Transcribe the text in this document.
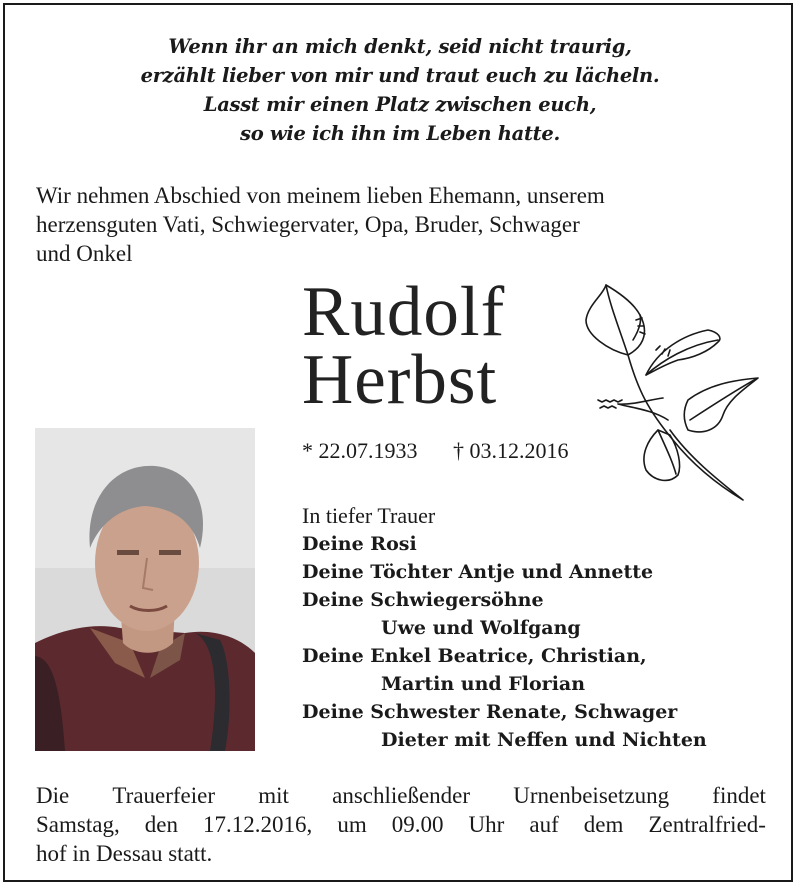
Wenn ihr an mich denkt, seid nicht traurig,
erzählt lieber von mir und traut euch zu lächeln.
Lasst mir einen Platz zwischen euch,
so wie ich ihn im Leben hatte.
Wir nehmen Abschied von meinem lieben Ehemann, unserem
herzensguten Vati, Schwiegervater, Opa, Bruder, Schwager
und Onkel
Rudolf
Herbst
* 22.07.1933 † 03.12.2016
In tiefer Trauer
Deine Rosi
Deine Töchter Antje und Annette
Deine Schwiegersöhne
Uwe und Wolfgang
Deine Enkel Beatrice, Christian,
Martin und Florian
Deine Schwester Renate, Schwager
Dieter mit Neffen und Nichten
Die Trauerfeier mit anschließender Urnenbeisetzung findet
Samstag, den 17.12.2016, um 09.00 Uhr auf dem Zentralfried-
hof in Dessau statt.
